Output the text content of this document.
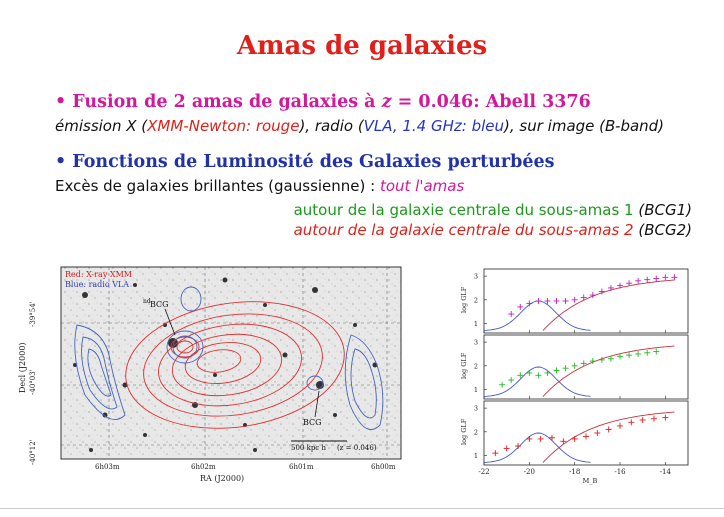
Amas de galaxies
• Fusion de 2 amas de galaxies à z = 0.046: Abell 3376
émission X (XMM-Newton: rouge), radio (VLA, 1.4 GHz: bleu), sur image (B-band)
• Fonctions de Luminosité des Galaxies perturbées
Excès de galaxies brillantes (gaussienne) : tout l'amas
autour de la galaxie centrale du sous-amas 1 (BCG1)
autour de la galaxie centrale du sous-amas 2 (BCG2)
Red: X-ray XMM
Blue: radio VLA
nd BCG
BCG
500 kpc h (z = 0.046)
6h03m	6h02m	6h01m	6h00m
RA (J2000)
-39°54'
-40°03'
-40°12'
Decl (J2000)
1
2
3
log GLF
1
2
3
log GLF
1
2
3
log GLF
-22	-20	-18	-16	-14
M_B
